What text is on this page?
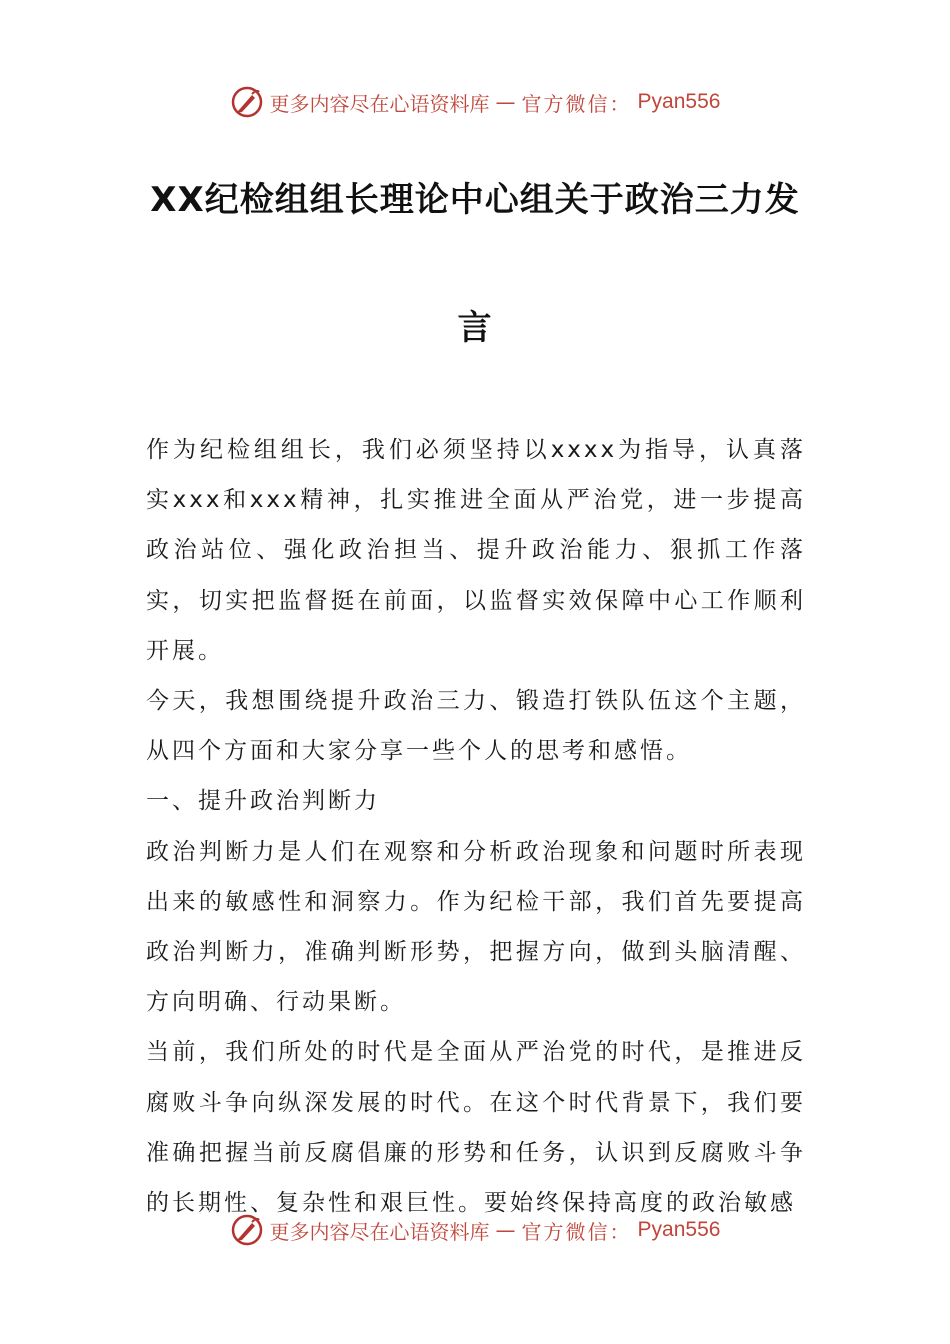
更多内容尽在心语资料库 — 官方微信： Pyan556
XX纪检组组长理论中心组关于政治三力发
言

作为纪检组组长，我们必须坚持以xxxx为指导，认真落实xxx和xxx精神，扎实推进全面从严治党，进一步提高政治站位、强化政治担当、提升政治能力、狠抓工作落实，切实把监督挺在前面，以监督实效保障中心工作顺利开展。

今天，我想围绕提升政治三力、锻造打铁队伍这个主题，从四个方面和大家分享一些个人的思考和感悟。

一、提升政治判断力

政治判断力是人们在观察和分析政治现象和问题时所表现出来的敏感性和洞察力。作为纪检干部，我们首先要提高政治判断力，准确判断形势，把握方向，做到头脑清醒、方向明确、行动果断。

当前，我们所处的时代是全面从严治党的时代，是推进反腐败斗争向纵深发展的时代。在这个时代背景下，我们要准确把握当前反腐倡廉的形势和任务，认识到反腐败斗争的长期性、复杂性和艰巨性。要始终保持高度的政治敏感

更多内容尽在心语资料库 — 官方微信： Pyan556
